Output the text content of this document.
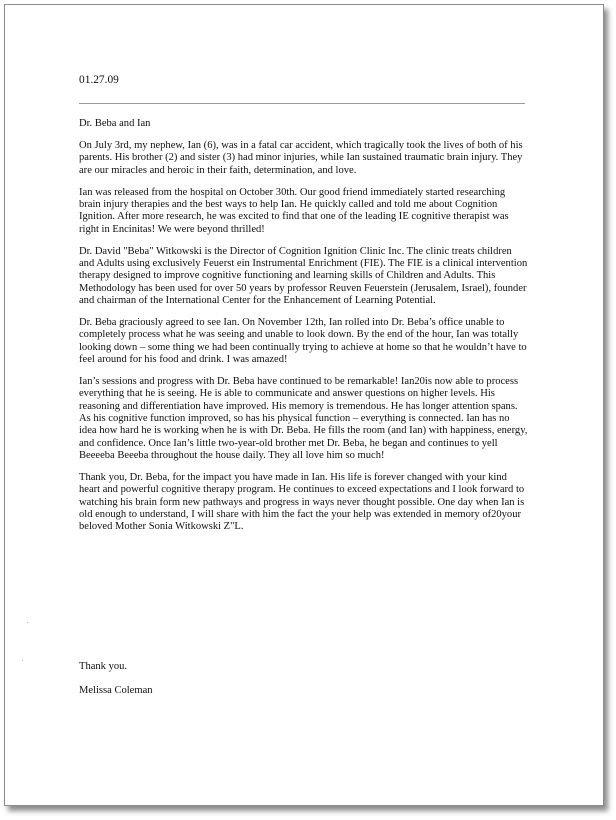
01.27.09

Dr. Beba and Ian

On July 3rd, my nephew, Ian (6), was in a fatal car accident, which tragically took the lives of both of his parents. His brother (2) and sister (3) had minor injuries, while Ian sustained traumatic brain injury. They are our miracles and heroic in their faith, determination, and love.

Ian was released from the hospital on October 30th. Our good friend immediately started researching brain injury therapies and the best ways to help Ian. He quickly called and told me about Cognition Ignition. After more research, he was excited to find that one of the leading IE cognitive therapist was right in Encinitas! We were beyond thrilled!

Dr. David "Beba" Witkowski is the Director of Cognition Ignition Clinic Inc. The clinic treats children and Adults using exclusively Feuerst ein Instrumental Enrichment (FIE). The FIE is a clinical intervention therapy designed to improve cognitive functioning and learning skills of Children and Adults. This Methodology has been used for over 50 years by professor Reuven Feuerstein (Jerusalem, Israel), founder and chairman of the International Center for the Enhancement of Learning Potential.

Dr. Beba graciously agreed to see Ian. On November 12th, Ian rolled into Dr. Beba’s office unable to completely process what he was seeing and unable to look down. By the end of the hour, Ian was totally looking down – some thing we had been continually trying to achieve at home so that he wouldn’t have to feel around for his food and drink. I was amazed!

Ian’s sessions and progress with Dr. Beba have continued to be remarkable! Ian20is now able to process everything that he is seeing. He is able to communicate and answer questions on higher levels. His reasoning and differentiation have improved. His memory is tremendous. He has longer attention spans. As his cognitive function improved, so has his physical function – everything is connected. Ian has no idea how hard he is working when he is with Dr. Beba. He fills the room (and Ian) with happiness, energy, and confidence. Once Ian’s little two-year-old brother met Dr. Beba, he began and continues to yell Beeeeba Beeeba throughout the house daily. They all love him so much!

Thank you, Dr. Beba, for the impact you have made in Ian. His life is forever changed with your kind heart and powerful cognitive therapy program. He continues to exceed expectations and I look forward to watching his brain form new pathways and progress in ways never thought possible. One day when Ian is old enough to understand, I will share with him the fact the your help was extended in memory of20your beloved Mother Sonia Witkowski Z"L.

Thank you.
Melissa Coleman
